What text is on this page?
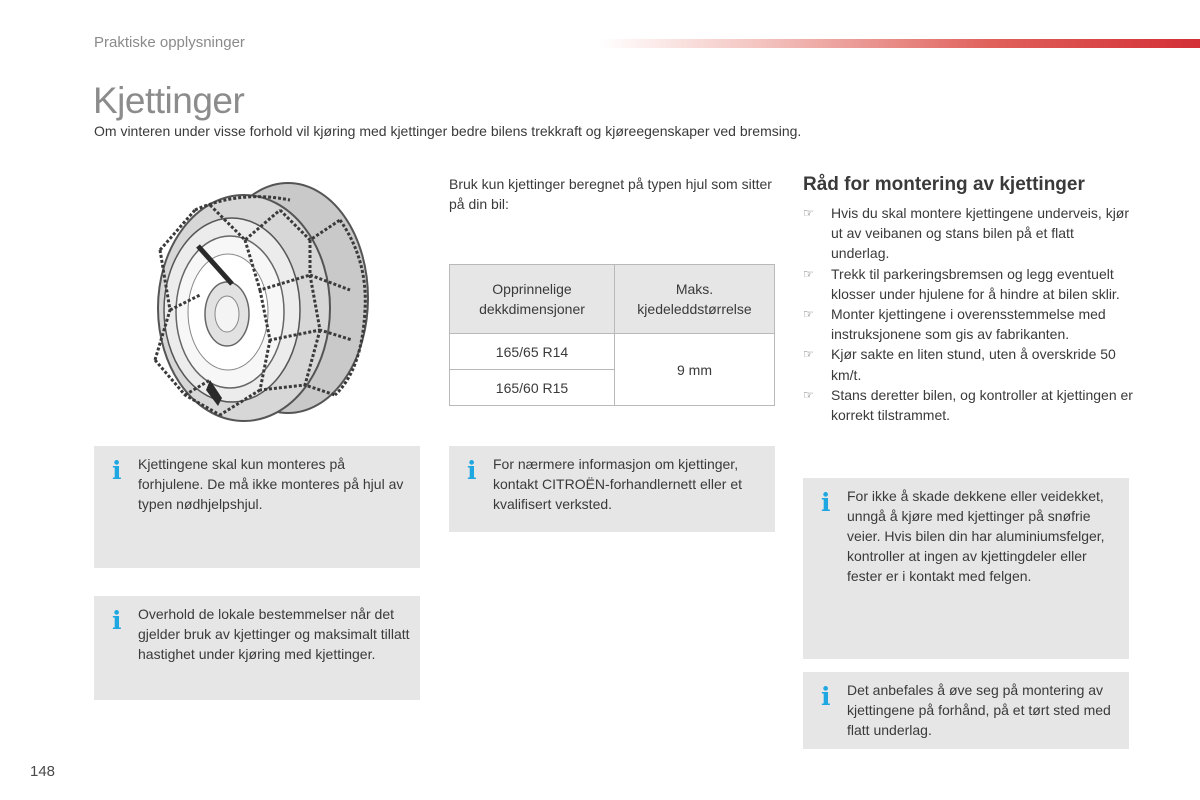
Praktiske opplysninger
Kjettinger
Om vinteren under visse forhold vil kjøring med kjettinger bedre bilens trekkraft og kjøreegenskaper ved bremsing.
Bruk kun kjettinger beregnet på typen hjul som sitter på din bil:
Opprinnelige dekkdimensjoner	Maks. kjedeleddstørrelse
165/65 R14	9 mm
165/60 R15	
Råd for montering av kjettinger
☞ Hvis du skal montere kjettingene underveis, kjør ut av veibanen og stans bilen på et flatt underlag.
☞ Trekk til parkeringsbremsen og legg eventuelt klosser under hjulene for å hindre at bilen sklir.
☞ Monter kjettingene i overensstemmelse med instruksjonene som gis av fabrikanten.
☞ Kjør sakte en liten stund, uten å overskride 50 km/t.
☞ Stans deretter bilen, og kontroller at kjettingen er korrekt tilstrammet.
i Kjettingene skal kun monteres på forhjulene. De må ikke monteres på hjul av typen nødhjelpshjul.
i Overhold de lokale bestemmelser når det gjelder bruk av kjettinger og maksimalt tillatt hastighet under kjøring med kjettinger.
i For nærmere informasjon om kjettinger, kontakt CITROËN-forhandlernett eller et kvalifisert verksted.	i For ikke å skade dekkene eller veidekket, unngå å kjøre med kjettinger på snøfrie veier. Hvis bilen din har aluminiumsfelger, kontroller at ingen av kjettingdeler eller fester er i kontakt med felgen.
i Det anbefales å øve seg på montering av kjettingene på forhånd, på et tørt sted med flatt underlag.
148
